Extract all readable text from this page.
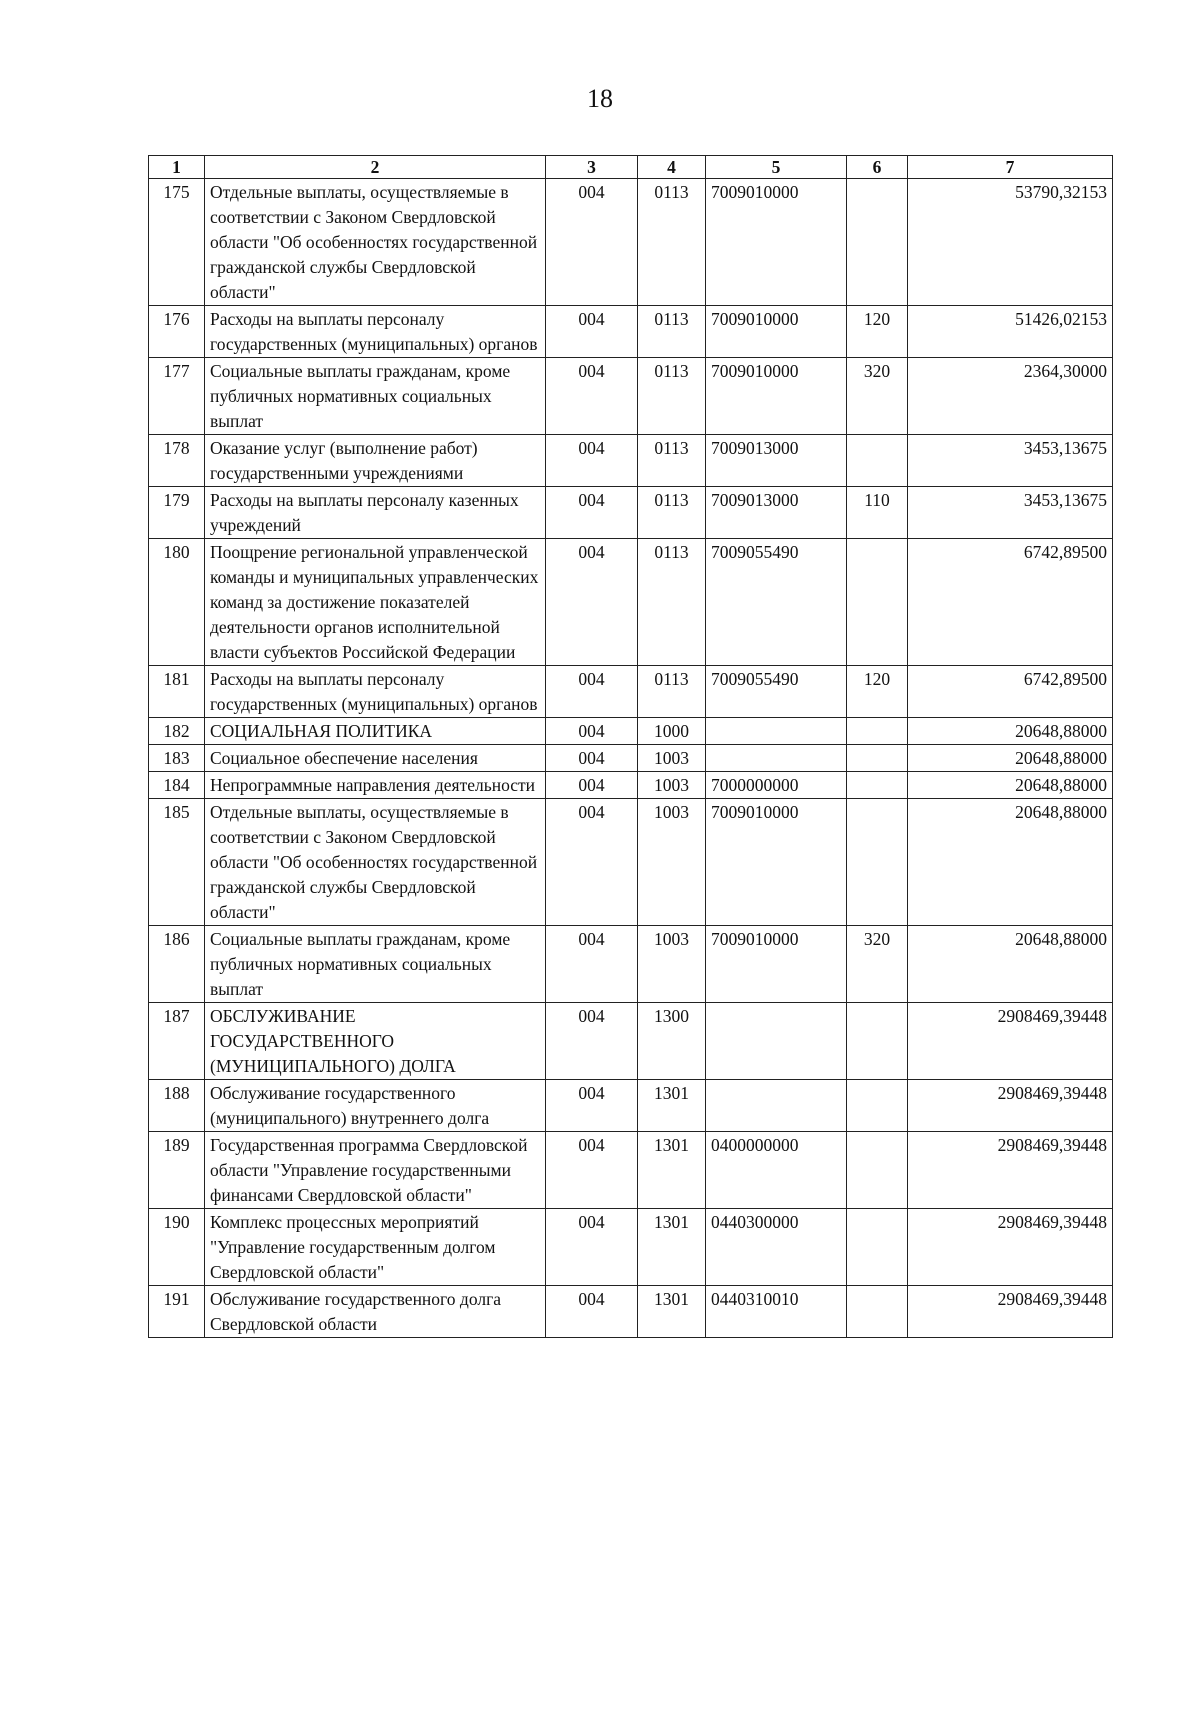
18
1	2	3	4	5	6	7
175	Отдельные выплаты, осуществляемые в соответствии с Законом Свердловской области "Об особенностях государственной гражданской службы Свердловской области"	004	0113	7009010000		53790,32153
176	Расходы на выплаты персоналу государственных (муниципальных) органов	004	0113	7009010000	120	51426,02153
177	Социальные выплаты гражданам, кроме публичных нормативных социальных выплат	004	0113	7009010000	320	2364,30000
178	Оказание услуг (выполнение работ) государственными учреждениями	004	0113	7009013000		3453,13675
179	Расходы на выплаты персоналу казенных учреждений	004	0113	7009013000	110	3453,13675
180	Поощрение региональной управленческой команды и муниципальных управленческих команд за достижение показателей деятельности органов исполнительной власти субъектов Российской Федерации	004	0113	7009055490		6742,89500
181	Расходы на выплаты персоналу государственных (муниципальных) органов	004	0113	7009055490	120	6742,89500
182	СОЦИАЛЬНАЯ ПОЛИТИКА	004	1000			20648,88000
183	Социальное обеспечение населения	004	1003			20648,88000
184	Непрограммные направления деятельности	004	1003	7000000000		20648,88000
185	Отдельные выплаты, осуществляемые в соответствии с Законом Свердловской области "Об особенностях государственной гражданской службы Свердловской области"	004	1003	7009010000		20648,88000
186	Социальные выплаты гражданам, кроме публичных нормативных социальных выплат	004	1003	7009010000	320	20648,88000
187	ОБСЛУЖИВАНИЕ ГОСУДАРСТВЕННОГО (МУНИЦИПАЛЬНОГО) ДОЛГА	004	1300			2908469,39448
188	Обслуживание государственного (муниципального) внутреннего долга	004	1301			2908469,39448
189	Государственная программа Свердловской области "Управление государственными финансами Свердловской области"	004	1301	0400000000		2908469,39448
190	Комплекс процессных мероприятий "Управление государственным долгом Свердловской области"	004	1301	0440300000		2908469,39448
191	Обслуживание государственного долга Свердловской области	004	1301	0440310010		2908469,39448
